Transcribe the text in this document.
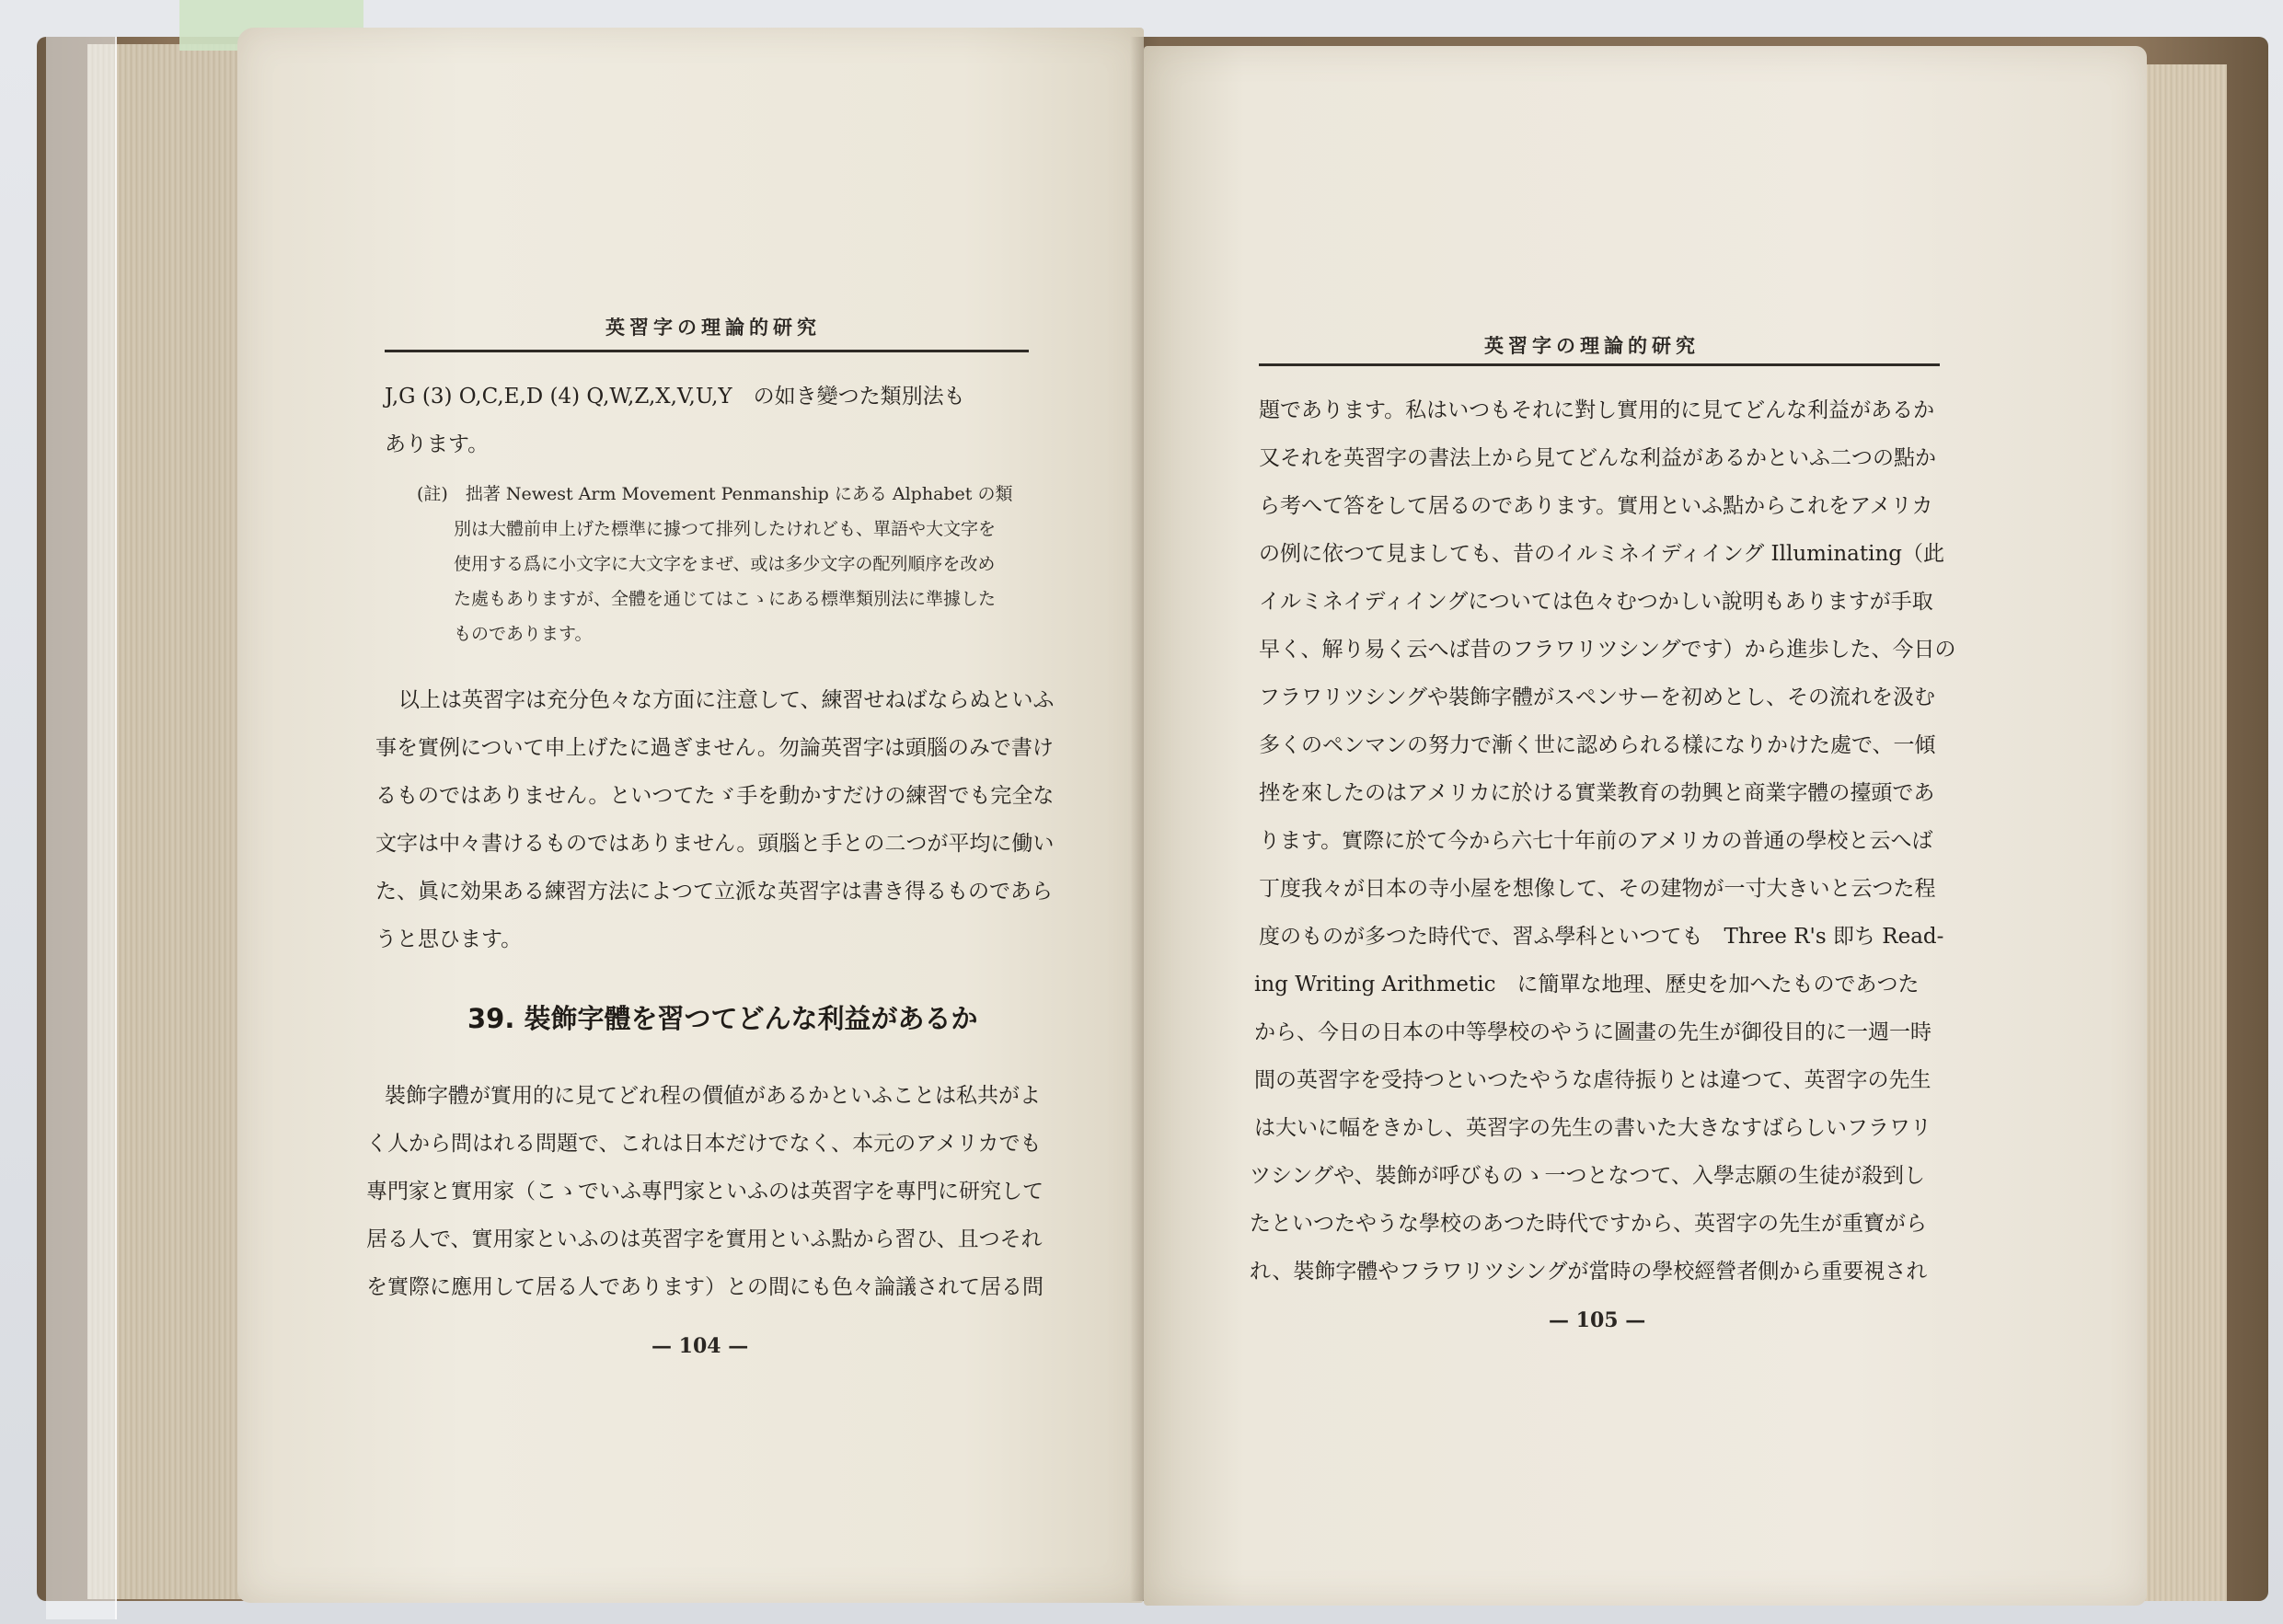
英習字の理論的研究
J,G (3) O,C,E,D (4) Q,W,Z,X,V,U,Y　の如き變つた類別法も
あります。
(註)　拙著 Newest Arm Movement Penmanship にある Alphabet の類
別は大體前申上げた標準に據つて排列したけれども、單語や大文字を
使用する爲に小文字に大文字をまぜ、或は多少文字の配列順序を改め
た處もありますが、全體を通じてはこゝにある標準類別法に準據した
ものであります。
以上は英習字は充分色々な方面に注意して、練習せねばならぬといふ
事を實例について申上げたに過ぎません。勿論英習字は頭腦のみで書け
るものではありません。といつてたゞ手を動かすだけの練習でも完全な
文字は中々書けるものではありません。頭腦と手との二つが平均に働い
た、眞に効果ある練習方法によつて立派な英習字は書き得るものであら
うと思ひます。
39. 裝飾字體を習つてどんな利益があるか
裝飾字體が實用的に見てどれ程の價値があるかといふことは私共がよ
く人から問はれる問題で、これは日本だけでなく、本元のアメリカでも
專門家と實用家（こゝでいふ專門家といふのは英習字を專門に研究して
居る人で、實用家といふのは英習字を實用といふ點から習ひ、且つそれ
を實際に應用して居る人であります）との間にも色々論議されて居る問
— 104 —
英習字の理論的研究
題であります。私はいつもそれに對し實用的に見てどんな利益があるか
又それを英習字の書法上から見てどんな利益があるかといふ二つの點か
ら考へて答をして居るのであります。實用といふ點からこれをアメリカ
の例に依つて見ましても、昔のイルミネイディイング Illuminating（此
イルミネイディイングについては色々むつかしい說明もありますが手取
早く、解り易く云へば昔のフラワリツシングです）から進歩した、今日の
フラワリツシングや裝飾字體がスペンサーを初めとし、その流れを汲む
多くのペンマンの努力で漸く世に認められる樣になりかけた處で、一傾
挫を來したのはアメリカに於ける實業教育の勃興と商業字體の擡頭であ
ります。實際に於て今から六七十年前のアメリカの普通の學校と云へば
丁度我々が日本の寺小屋を想像して、その建物が一寸大きいと云つた程
度のものが多つた時代で、習ふ學科といつても　Three R's 即ち Read-
ing Writing Arithmetic　に簡單な地理、歷史を加へたものであつた
から、今日の日本の中等學校のやうに圖畫の先生が御役目的に一週一時
間の英習字を受持つといつたやうな虐待振りとは違つて、英習字の先生
は大いに幅をきかし、英習字の先生の書いた大きなすばらしいフラワリ
ツシングや、裝飾が呼びものゝ一つとなつて、入學志願の生徒が殺到し
たといつたやうな學校のあつた時代ですから、英習字の先生が重寶がら
れ、裝飾字體やフラワリツシングが當時の學校經營者側から重要視され
— 105 —
